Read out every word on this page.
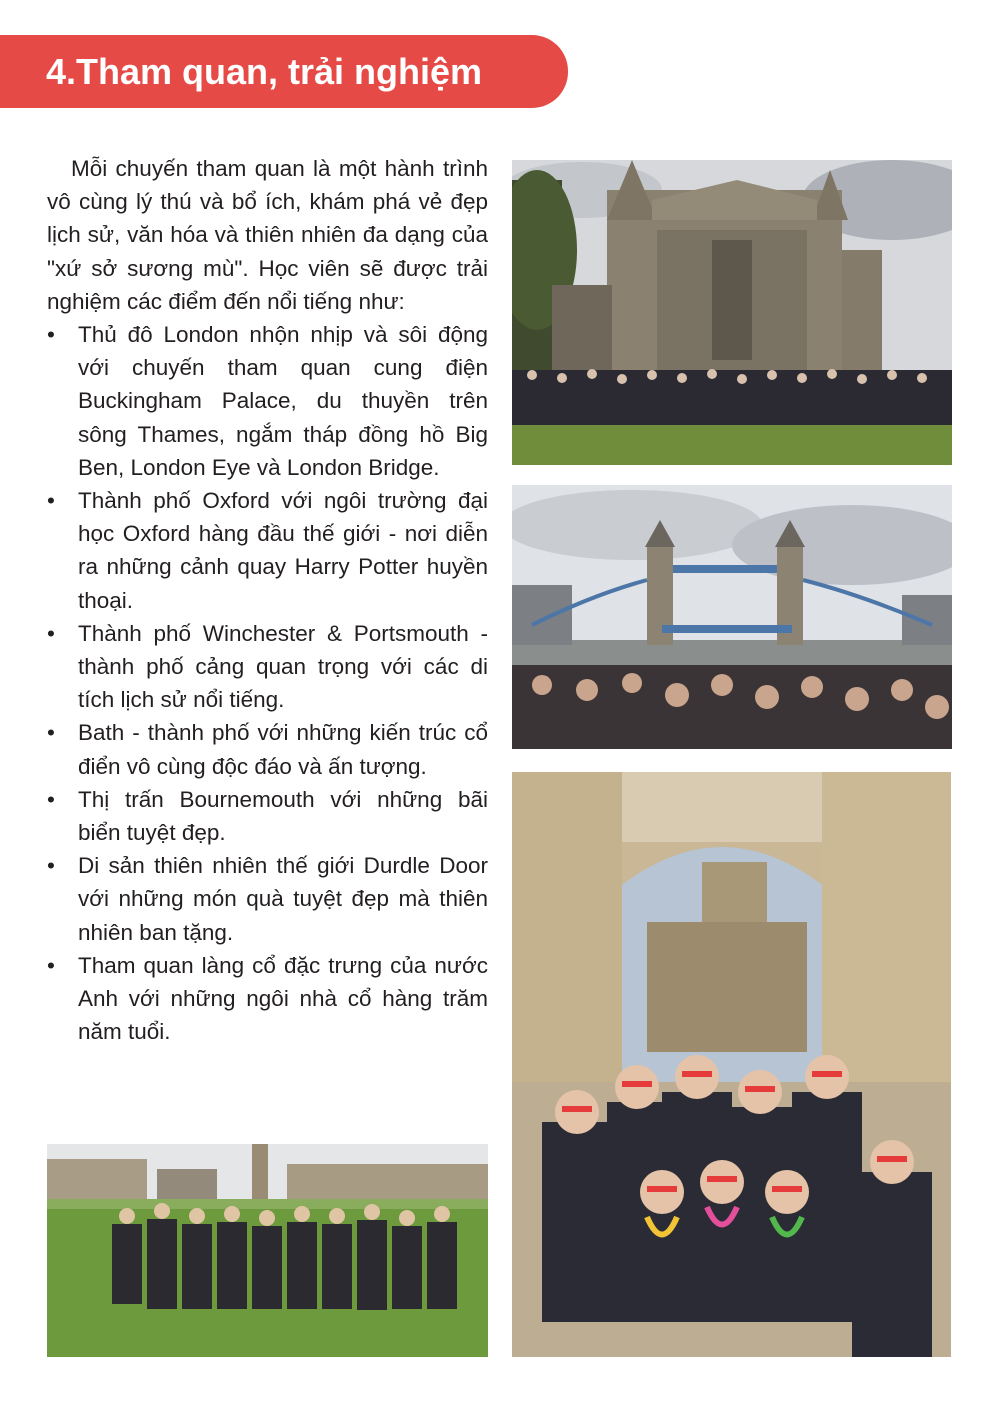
4.Tham quan, trải nghiệm

Mỗi chuyến tham quan là một hành trình vô cùng lý thú và bổ ích, khám phá vẻ đẹp lịch sử, văn hóa và thiên nhiên đa dạng của "xứ sở sương mù". Học viên sẽ được trải nghiệm các điểm đến nổi tiếng như:

• Thủ đô London nhộn nhịp và sôi động với chuyến tham quan cung điện Buckingham Palace, du thuyền trên sông Thames, ngắm tháp đồng hồ Big Ben, London Eye và London Bridge.
• Thành phố Oxford với ngôi trường đại học Oxford hàng đầu thế giới - nơi diễn ra những cảnh quay Harry Potter huyền thoại.
• Thành phố Winchester & Portsmouth - thành phố cảng quan trọng với các di tích lịch sử nổi tiếng.
• Bath - thành phố với những kiến trúc cổ điển vô cùng độc đáo và ấn tượng.
• Thị trấn Bournemouth với những bãi biển tuyệt đẹp.
• Di sản thiên nhiên thế giới Durdle Door với những món quà tuyệt đẹp mà thiên nhiên ban tặng.
• Tham quan làng cổ đặc trưng của nước Anh với những ngôi nhà cổ hàng trăm năm tuổi.
